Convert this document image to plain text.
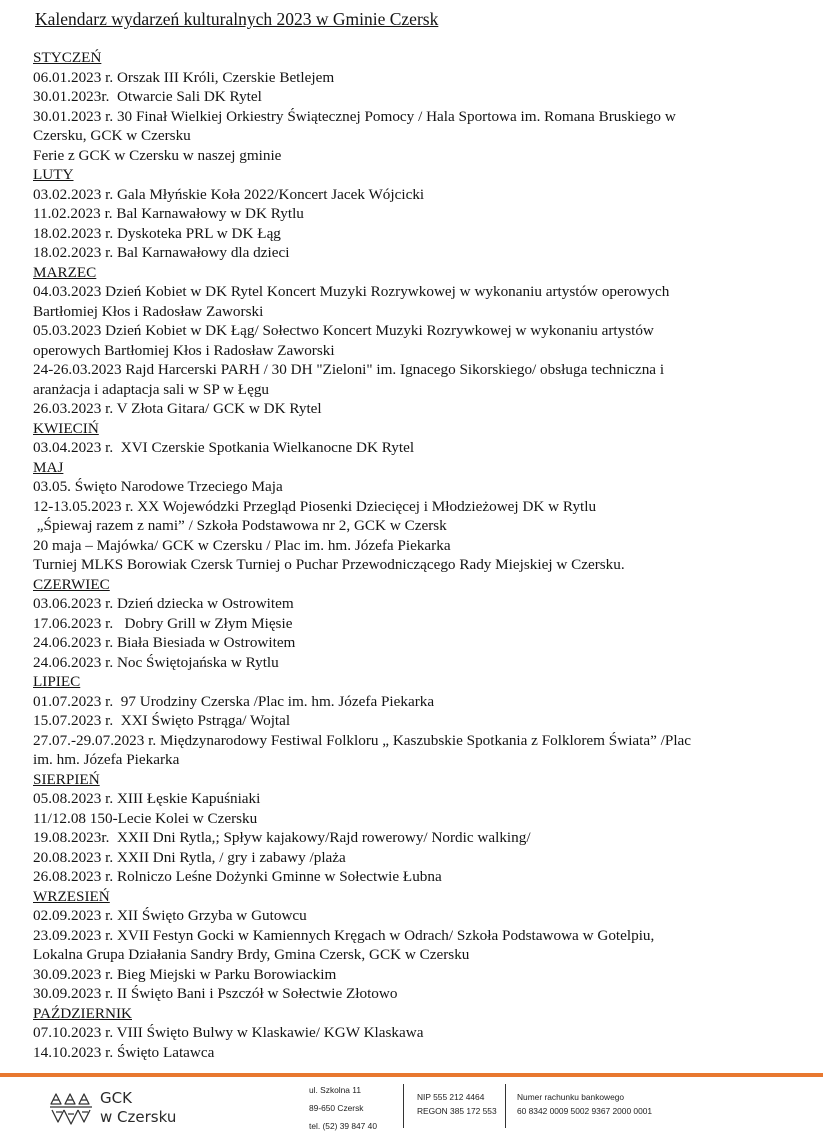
Kalendarz wydarzeń kulturalnych 2023 w Gminie Czersk
STYCZEŃ
06.01.2023 r. Orszak III Króli, Czerskie Betlejem
30.01.2023r.  Otwarcie Sali DK Rytel
30.01.2023 r. 30 Finał Wielkiej Orkiestry Świątecznej Pomocy / Hala Sportowa im. Romana Bruskiego w
Czersku, GCK w Czersku
Ferie z GCK w Czersku w naszej gminie
LUTY
03.02.2023 r. Gala Młyńskie Koła 2022/Koncert Jacek Wójcicki
11.02.2023 r. Bal Karnawałowy w DK Rytlu
18.02.2023 r. Dyskoteka PRL w DK Łąg
18.02.2023 r. Bal Karnawałowy dla dzieci
MARZEC
04.03.2023 Dzień Kobiet w DK Rytel Koncert Muzyki Rozrywkowej w wykonaniu artystów operowych
Bartłomiej Kłos i Radosław Zaworski
05.03.2023 Dzień Kobiet w DK Łąg/ Sołectwo Koncert Muzyki Rozrywkowej w wykonaniu artystów
operowych Bartłomiej Kłos i Radosław Zaworski
24-26.03.2023 Rajd Harcerski PARH / 30 DH "Zieloni" im. Ignacego Sikorskiego/ obsługa techniczna i
aranżacja i adaptacja sali w SP w Łęgu
26.03.2023 r. V Złota Gitara/ GCK w DK Rytel
KWIECIŃ
03.04.2023 r.  XVI Czerskie Spotkania Wielkanocne DK Rytel
MAJ
03.05. Święto Narodowe Trzeciego Maja
12-13.05.2023 r. XX Wojewódzki Przegląd Piosenki Dziecięcej i Młodzieżowej DK w Rytlu
„Śpiewaj razem z nami” / Szkoła Podstawowa nr 2, GCK w Czersk
20 maja – Majówka/ GCK w Czersku / Plac im. hm. Józefa Piekarka
Turniej MLKS Borowiak Czersk Turniej o Puchar Przewodniczącego Rady Miejskiej w Czersku.
CZERWIEC
03.06.2023 r. Dzień dziecka w Ostrowitem
17.06.2023 r.   Dobry Grill w Złym Mięsie
24.06.2023 r. Biała Biesiada w Ostrowitem
24.06.2023 r. Noc Świętojańska w Rytlu
LIPIEC
01.07.2023 r.  97 Urodziny Czerska /Plac im. hm. Józefa Piekarka
15.07.2023 r.  XXI Święto Pstrąga/ Wojtal
27.07.-29.07.2023 r. Międzynarodowy Festiwal Folkloru „ Kaszubskie Spotkania z Folklorem Świata” /Plac
im. hm. Józefa Piekarka
SIERPIEŃ
05.08.2023 r. XIII Łęskie Kapuśniaki
11/12.08 150-Lecie Kolei w Czersku
19.08.2023r.  XXII Dni Rytla,; Spływ kajakowy/Rajd rowerowy/ Nordic walking/
20.08.2023 r. XXII Dni Rytla, / gry i zabawy /plaża
26.08.2023 r. Rolniczo Leśne Dożynki Gminne w Sołectwie Łubna
WRZESIEŃ
02.09.2023 r. XII Święto Grzyba w Gutowcu
23.09.2023 r. XVII Festyn Gocki w Kamiennych Kręgach w Odrach/ Szkoła Podstawowa w Gotelpiu,
Lokalna Grupa Działania Sandry Brdy, Gmina Czersk, GCK w Czersku
30.09.2023 r. Bieg Miejski w Parku Borowiackim
30.09.2023 r. II Święto Bani i Pszczół w Sołectwie Złotowo
PAŹDZIERNIK
07.10.2023 r. VIII Święto Bulwy w Klaskawie/ KGW Klaskawa
14.10.2023 r. Święto Latawca
GCK
w Czersku
ul. Szkolna 11
89-650 Czersk
tel. (52) 39 847 40
NIP 555 212 4464
REGON 385 172 553
Numer rachunku bankowego
60 8342 0009 5002 9367 2000 0001
